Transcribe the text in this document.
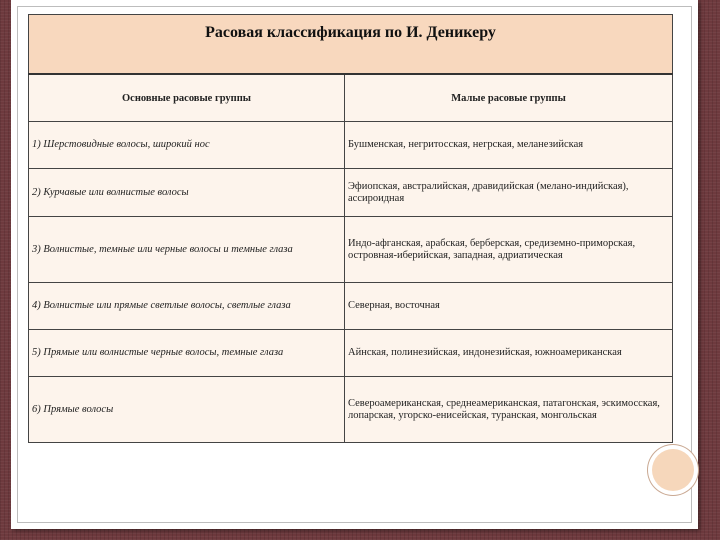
Расовая классификация по И. Деникеру	
Основные расовые группы	Малые расовые группы
1) Шерстовидные волосы, широкий нос	Бушменская, негритосская, негрская, меланезийская
2) Курчавые или волнистые волосы	Эфиопская, австралийская, дравидийская (мелано-индийская), ассироидная
3) Волнистые, темные или черные волосы и темные глаза	Индо-афганская, арабская, берберская, средиземно-приморская, островная-иберийская, западная, адриатическая
4) Волнистые или прямые светлые волосы, светлые глаза	Северная, восточная
5) Прямые или волнистые черные волосы, темные глаза	Айнская, полинезийская, индонезийская, южноамериканская
6) Прямые волосы	Североамериканская, среднеамериканская, патагонская, эскимосская, лопарская, угорско-енисейская, туранская, монгольская
